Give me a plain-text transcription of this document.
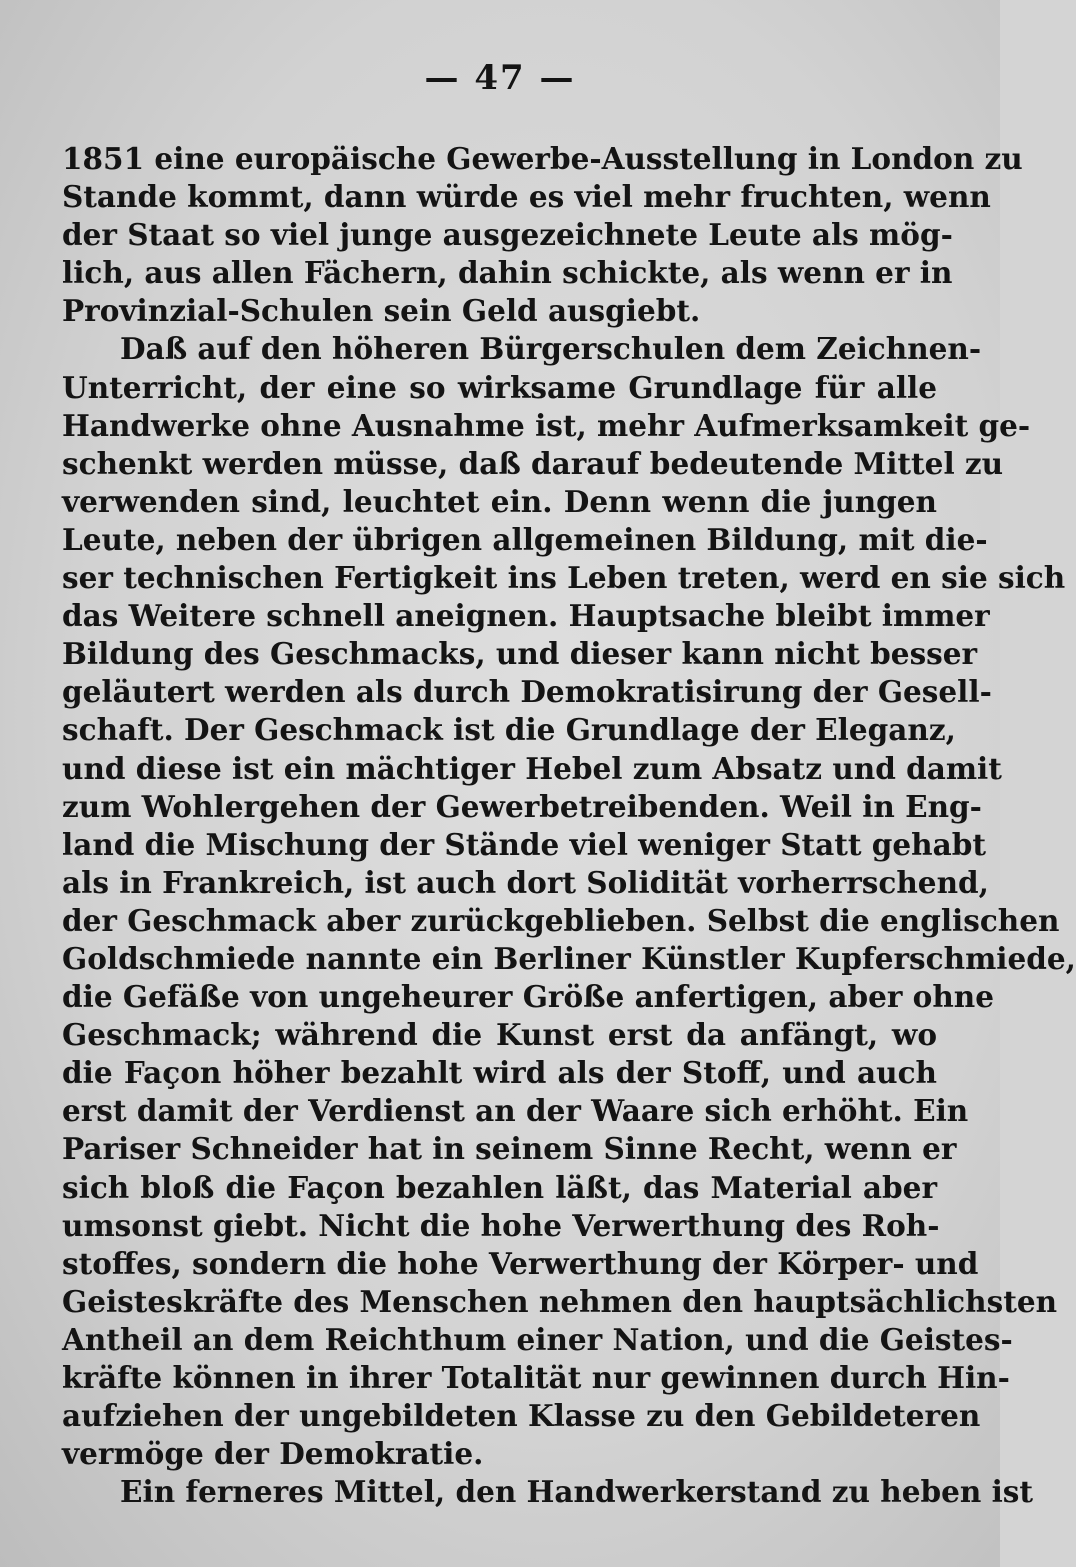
— 47 —
1851 eine europäische Gewerbe-Ausstellung in London zu
Stande kommt, dann würde es viel mehr fruchten, wenn
der Staat so viel junge ausgezeichnete Leute als mög-
lich, aus allen Fächern, dahin schickte, als wenn er in
Provinzial-Schulen sein Geld ausgiebt.
Daß auf den höheren Bürgerschulen dem Zeichnen-
Unterricht, der eine so wirksame Grundlage für alle
Handwerke ohne Ausnahme ist, mehr Aufmerksamkeit ge-
schenkt werden müsse, daß darauf bedeutende Mittel zu
verwenden sind, leuchtet ein. Denn wenn die jungen
Leute, neben der übrigen allgemeinen Bildung, mit die-
ser technischen Fertigkeit ins Leben treten, werd en sie sich
das Weitere schnell aneignen. Hauptsache bleibt immer
Bildung des Geschmacks, und dieser kann nicht besser
geläutert werden als durch Demokratisirung der Gesell-
schaft. Der Geschmack ist die Grundlage der Eleganz,
und diese ist ein mächtiger Hebel zum Absatz und damit
zum Wohlergehen der Gewerbetreibenden. Weil in Eng-
land die Mischung der Stände viel weniger Statt gehabt
als in Frankreich, ist auch dort Solidität vorherrschend,
der Geschmack aber zurückgeblieben. Selbst die englischen
Goldschmiede nannte ein Berliner Künstler Kupferschmiede,
die Gefäße von ungeheurer Größe anfertigen, aber ohne
Geschmack; während die Kunst erst da anfängt, wo
die Façon höher bezahlt wird als der Stoff, und auch
erst damit der Verdienst an der Waare sich erhöht. Ein
Pariser Schneider hat in seinem Sinne Recht, wenn er
sich bloß die Façon bezahlen läßt, das Material aber
umsonst giebt. Nicht die hohe Verwerthung des Roh-
stoffes, sondern die hohe Verwerthung der Körper- und
Geisteskräfte des Menschen nehmen den hauptsächlichsten
Antheil an dem Reichthum einer Nation, und die Geistes-
kräfte können in ihrer Totalität nur gewinnen durch Hin-
aufziehen der ungebildeten Klasse zu den Gebildeteren
vermöge der Demokratie.
Ein ferneres Mittel, den Handwerkerstand zu heben ist
